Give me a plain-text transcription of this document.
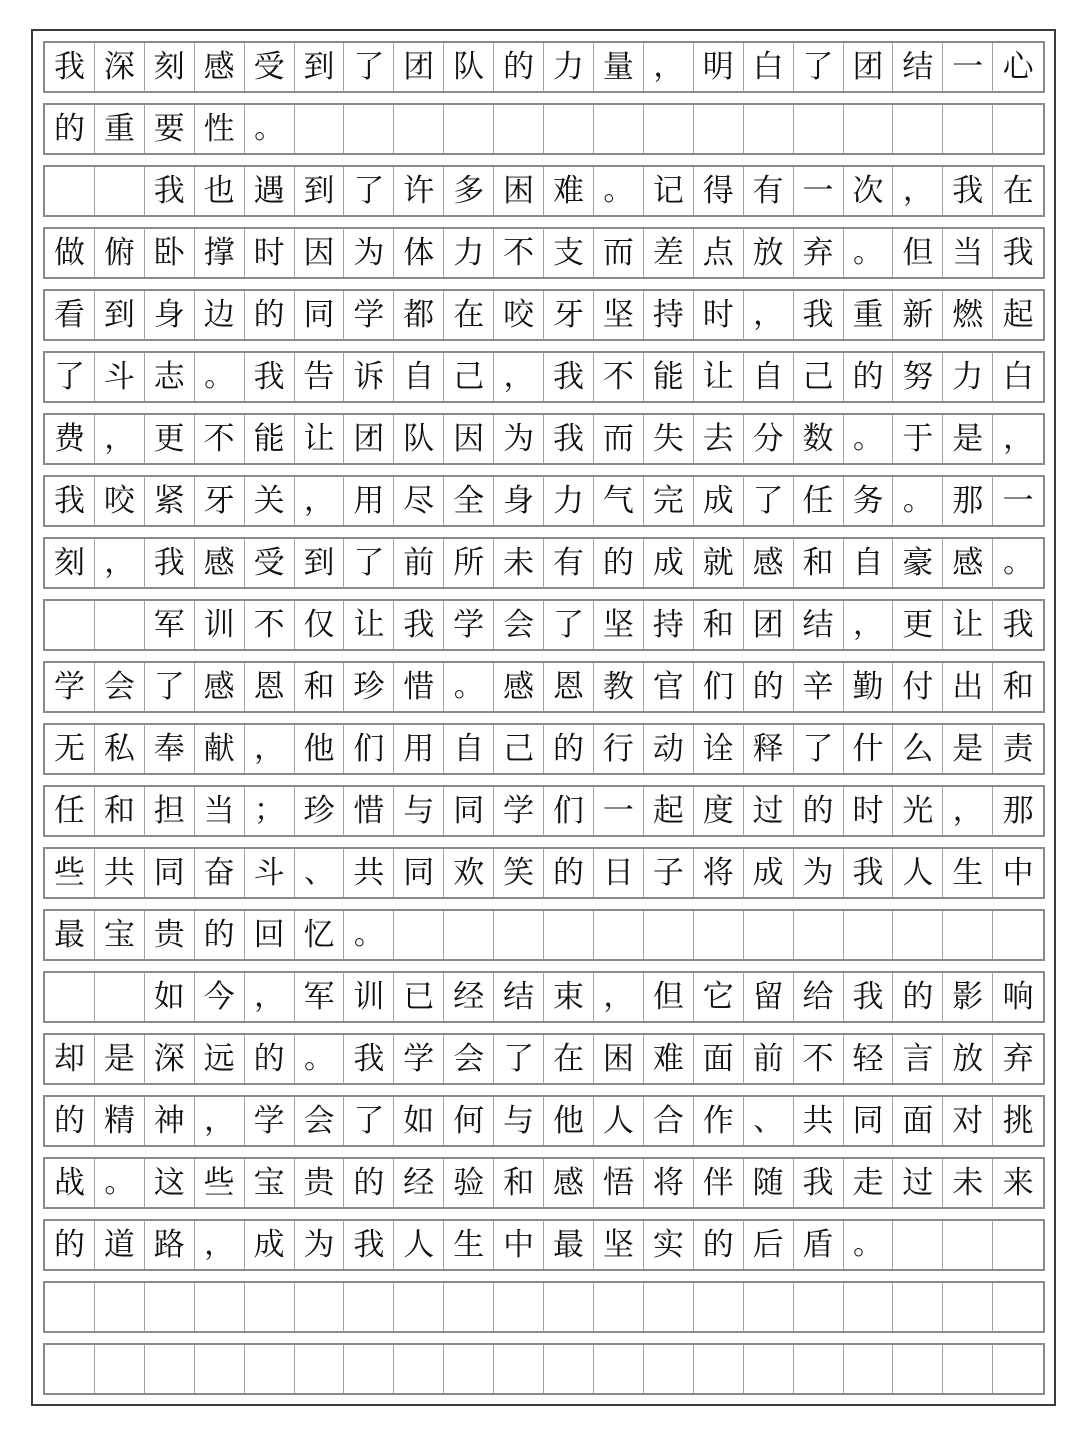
我 深 刻 感 受 到 了 团 队 的 力 量 ， 明 白 了 团 结 一 心
的 重 要 性 。
我 也 遇 到 了 许 多 困 难 。 记 得 有 一 次 ， 我 在
做 俯 卧 撑 时 因 为 体 力 不 支 而 差 点 放 弃 。 但 当 我
看 到 身 边 的 同 学 都 在 咬 牙 坚 持 时 ， 我 重 新 燃 起
了 斗 志 。 我 告 诉 自 己 ， 我 不 能 让 自 己 的 努 力 白
费 ， 更 不 能 让 团 队 因 为 我 而 失 去 分 数 。 于 是 ，
我 咬 紧 牙 关 ， 用 尽 全 身 力 气 完 成 了 任 务 。 那 一
刻 ， 我 感 受 到 了 前 所 未 有 的 成 就 感 和 自 豪 感 。
军 训 不 仅 让 我 学 会 了 坚 持 和 团 结 ， 更 让 我
学 会 了 感 恩 和 珍 惜 。 感 恩 教 官 们 的 辛 勤 付 出 和
无 私 奉 献 ， 他 们 用 自 己 的 行 动 诠 释 了 什 么 是 责
任 和 担 当 ； 珍 惜 与 同 学 们 一 起 度 过 的 时 光 ， 那
些 共 同 奋 斗 、 共 同 欢 笑 的 日 子 将 成 为 我 人 生 中
最 宝 贵 的 回 忆 。
如 今 ， 军 训 已 经 结 束 ， 但 它 留 给 我 的 影 响
却 是 深 远 的 。 我 学 会 了 在 困 难 面 前 不 轻 言 放 弃
的 精 神 ， 学 会 了 如 何 与 他 人 合 作 、 共 同 面 对 挑
战 。 这 些 宝 贵 的 经 验 和 感 悟 将 伴 随 我 走 过 未 来
的 道 路 ， 成 为 我 人 生 中 最 坚 实 的 后 盾 。
